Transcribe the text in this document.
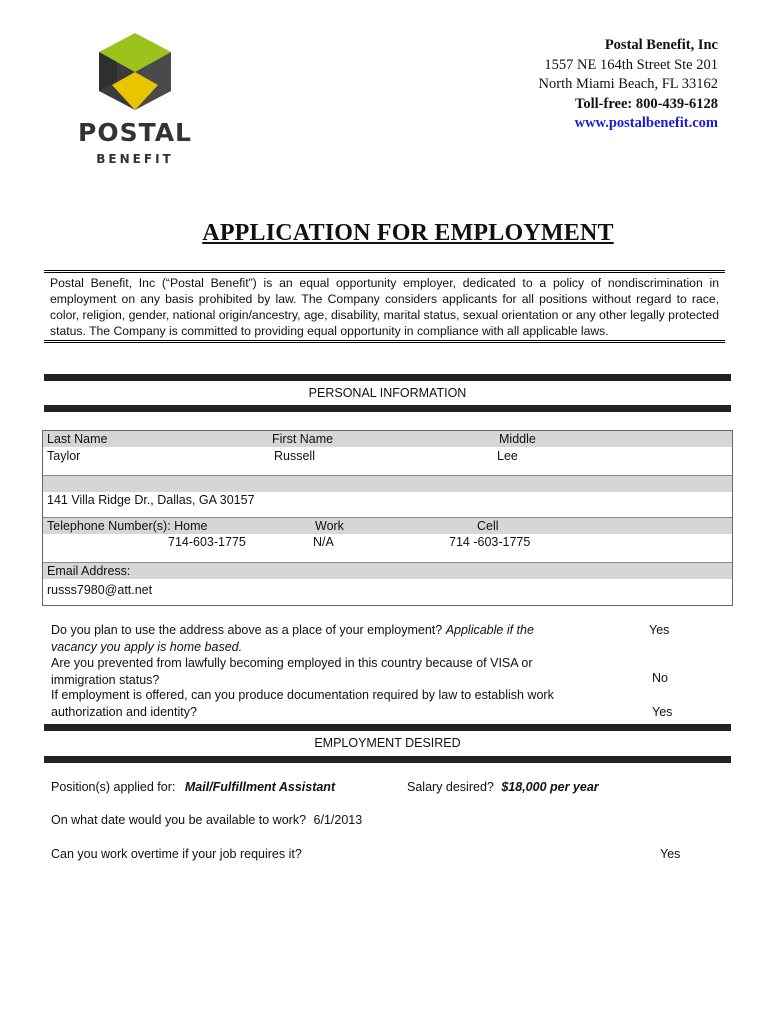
POSTAL
BENEFIT
Postal Benefit, Inc
1557 NE 164th Street Ste 201
North Miami Beach, FL 33162
Toll-free: 800-439-6128
www.postalbenefit.com
APPLICATION FOR EMPLOYMENT
Postal Benefit, Inc (“Postal Benefit”) is an equal opportunity employer, dedicated to a policy of nondiscrimination in employment on any basis prohibited by law. The Company considers applicants for all positions without regard to race, color, religion, gender, national origin/ancestry, age, disability, marital status, sexual orientation or any other legally protected status. The Company is committed to providing equal opportunity in compliance with all applicable laws.
PERSONAL INFORMATION
Last Name	First Name	Middle
Taylor	Russell	Lee
141 Villa Ridge Dr., Dallas, GA 30157
Telephone Number(s): Home	Work	Cell
714-603-1775	N/A	714 -603-1775
Email Address:
russs7980@att.net
Do you plan to use the address above as a place of your employment? Applicable if the
vacancy you apply is home based.
Yes
Are you prevented from lawfully becoming employed in this country because of VISA or
immigration status?	No
If employment is offered, can you produce documentation required by law to establish work
authorization and identity?	Yes
EMPLOYMENT DESIRED
Position(s) applied for: Mail/Fulfillment Assistant	Salary desired? $18,000 per year
On what date would you be available to work? 6/1/2013
Can you work overtime if your job requires it?	Yes
